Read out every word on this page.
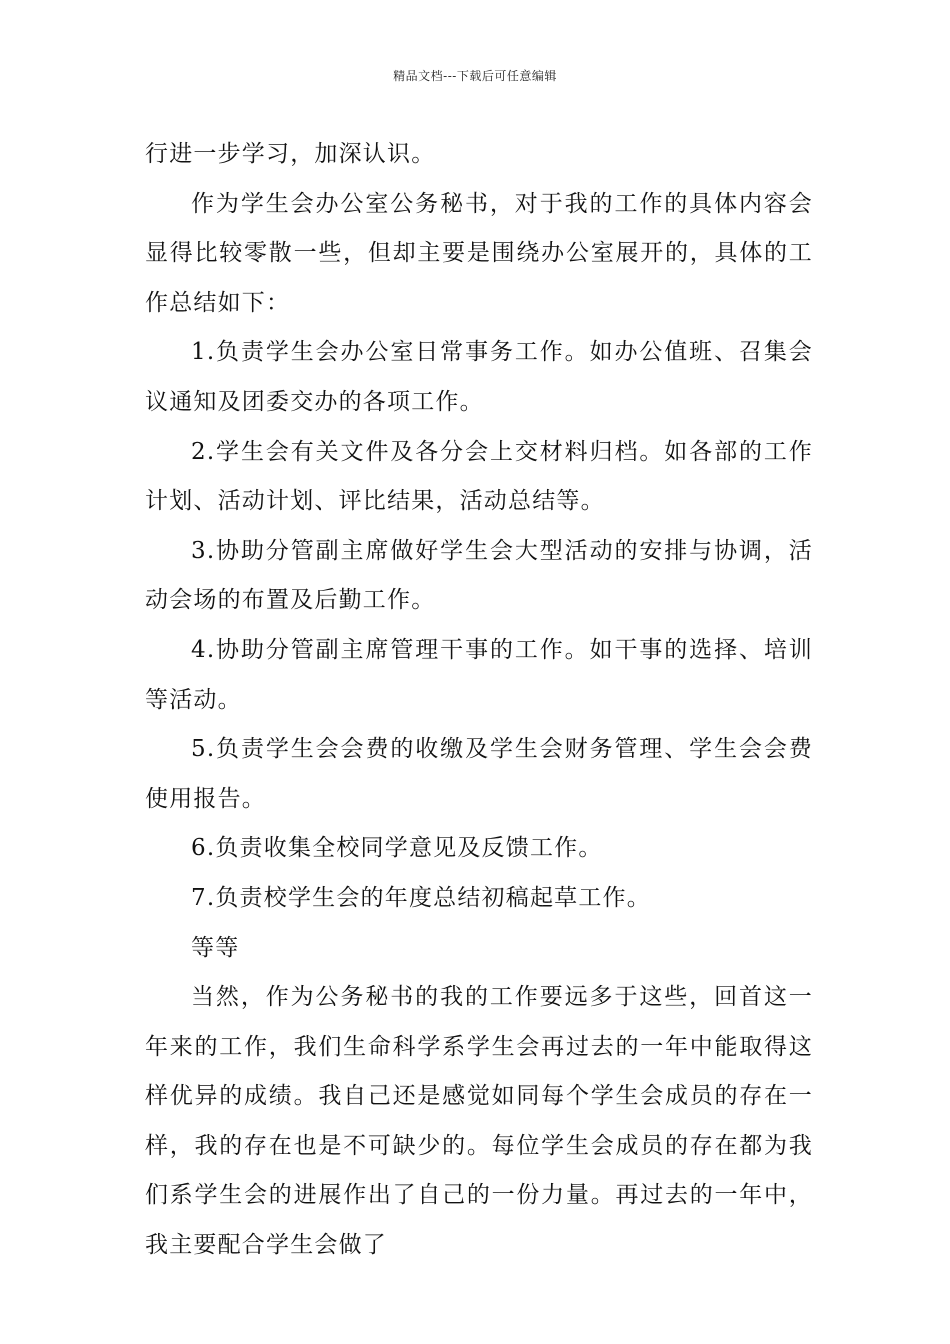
精品文档---下载后可任意编辑

行进一步学习，加深认识。

作为学生会办公室公务秘书，对于我的工作的具体内容会显得比较零散一些，但却主要是围绕办公室展开的，具体的工作总结如下：

1.负责学生会办公室日常事务工作。如办公值班、召集会议通知及团委交办的各项工作。

2.学生会有关文件及各分会上交材料归档。如各部的工作计划、活动计划、评比结果，活动总结等。

3.协助分管副主席做好学生会大型活动的安排与协调，活动会场的布置及后勤工作。

4.协助分管副主席管理干事的工作。如干事的选择、培训等活动。

5.负责学生会会费的收缴及学生会财务管理、学生会会费使用报告。

6.负责收集全校同学意见及反馈工作。

7.负责校学生会的年度总结初稿起草工作。

等等

当然，作为公务秘书的我的工作要远多于这些，回首这一年来的工作，我们生命科学系学生会再过去的一年中能取得这样优异的成绩。我自己还是感觉如同每个学生会成员的存在一样，我的存在也是不可缺少的。每位学生会成员的存在都为我们系学生会的进展作出了自己的一份力量。再过去的一年中，我主要配合学生会做了
